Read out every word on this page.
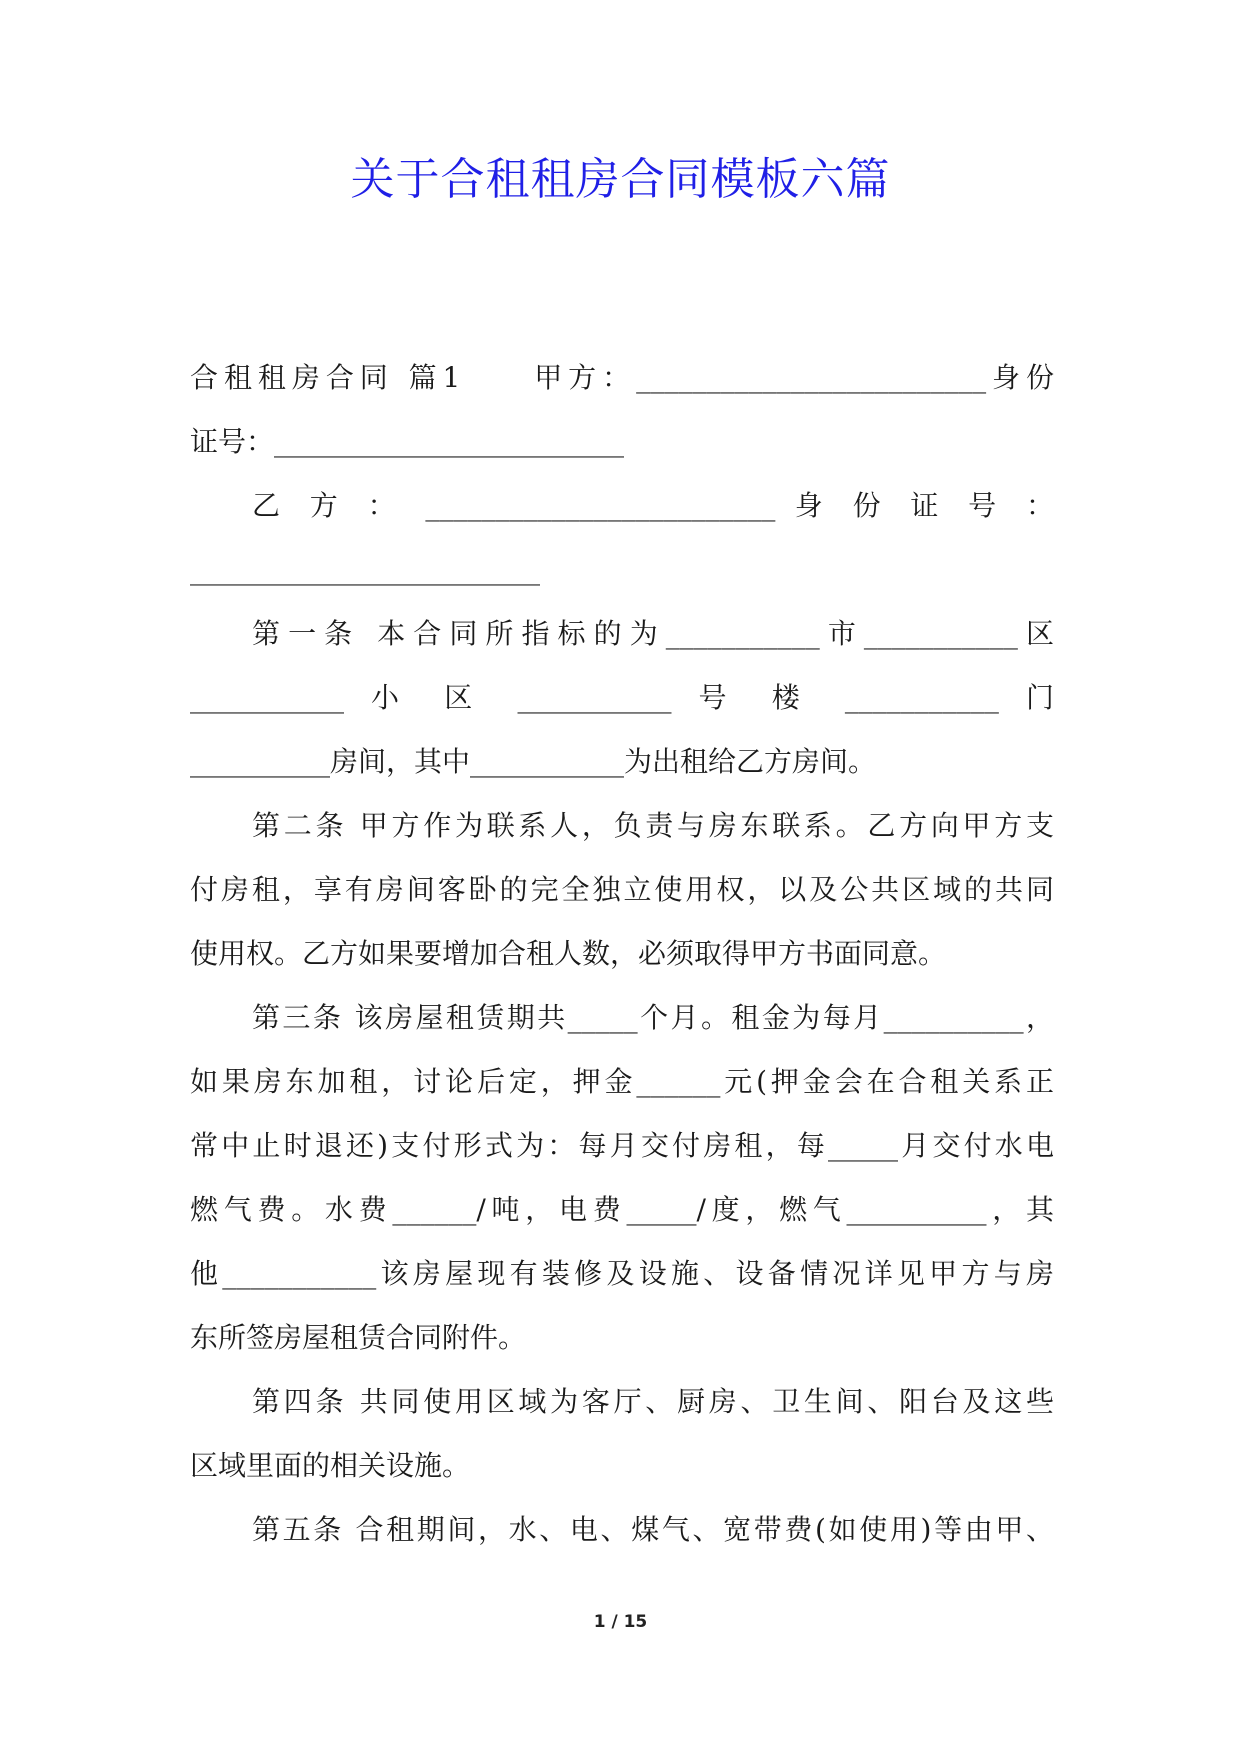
关于合租租房合同模板六篇
合租租房合同 篇1　　甲方：_________________________身份
证号：_________________________
乙 方 ： _________________________ 身 份 证 号 ：
_________________________
第一条 本合同所指标的为___________市___________区
___________ 小 区 ___________ 号 楼 ___________ 门
__________房间，其中___________为出租给乙方房间。
第二条 甲方作为联系人，负责与房东联系。乙方向甲方支
付房租，享有房间客卧的完全独立使用权，以及公共区域的共同
使用权。乙方如果要增加合租人数，必须取得甲方书面同意。
第三条 该房屋租赁期共_____个月。租金为每月__________，
如果房东加租，讨论后定，押金______元(押金会在合租关系正
常中止时退还)支付形式为：每月交付房租，每_____月交付水电
燃气费。水费______/吨，电费_____/度，燃气__________，其
他___________该房屋现有装修及设施、设备情况详见甲方与房
东所签房屋租赁合同附件。
第四条 共同使用区域为客厅、厨房、卫生间、阳台及这些
区域里面的相关设施。
第五条 合租期间，水、电、煤气、宽带费(如使用)等由甲、
1 / 15
